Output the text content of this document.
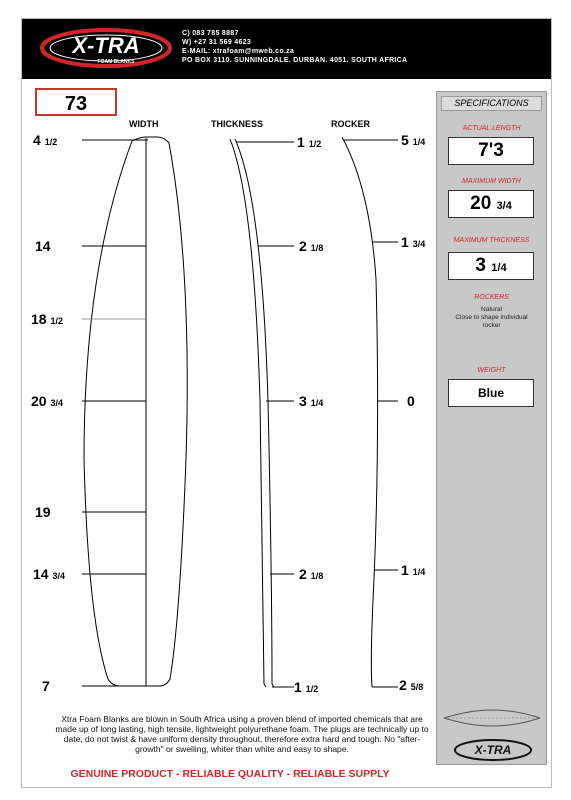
X-TRA
FOAM BLANKS
C) 083 785 8887
W) +27 31 569 4623
E-MAIL: xtrafoam@mweb.co.za
PO BOX 3110. SUNNINGDALE. DURBAN. 4051. SOUTH AFRICA
73
WIDTH	THICKNESS	ROCKER
4 1/2
14
18 1/2
20 3/4
19
14 3/4
7
1 1/2
2 1/8
3 1/4
2 1/8
1 1/2
5 1/4
1 3/4
0
1 1/4
2 5/8
SPECIFICATIONS
ACTUAL LENGTH
7'3
MAXIMUM WIDTH
20 3/4
MAXIMUM THICKNESS
3 1/4
ROCKERS
Natural
Close to shape individual
rocker
WEIGHT
Blue
X-TRA
Xtra Foam Blanks are blown in South Africa using a proven blend of imported chemicals that are made up of long lasting, high tensile, lightweight polyurethane foam. The plugs are technically up to date, do not twist & have uniform density throughout, therefore extra hard and tough. No "after-growth" or swelling, whiter than white and easy to shape.
GENUINE PRODUCT - RELIABLE QUALITY - RELIABLE SUPPLY
